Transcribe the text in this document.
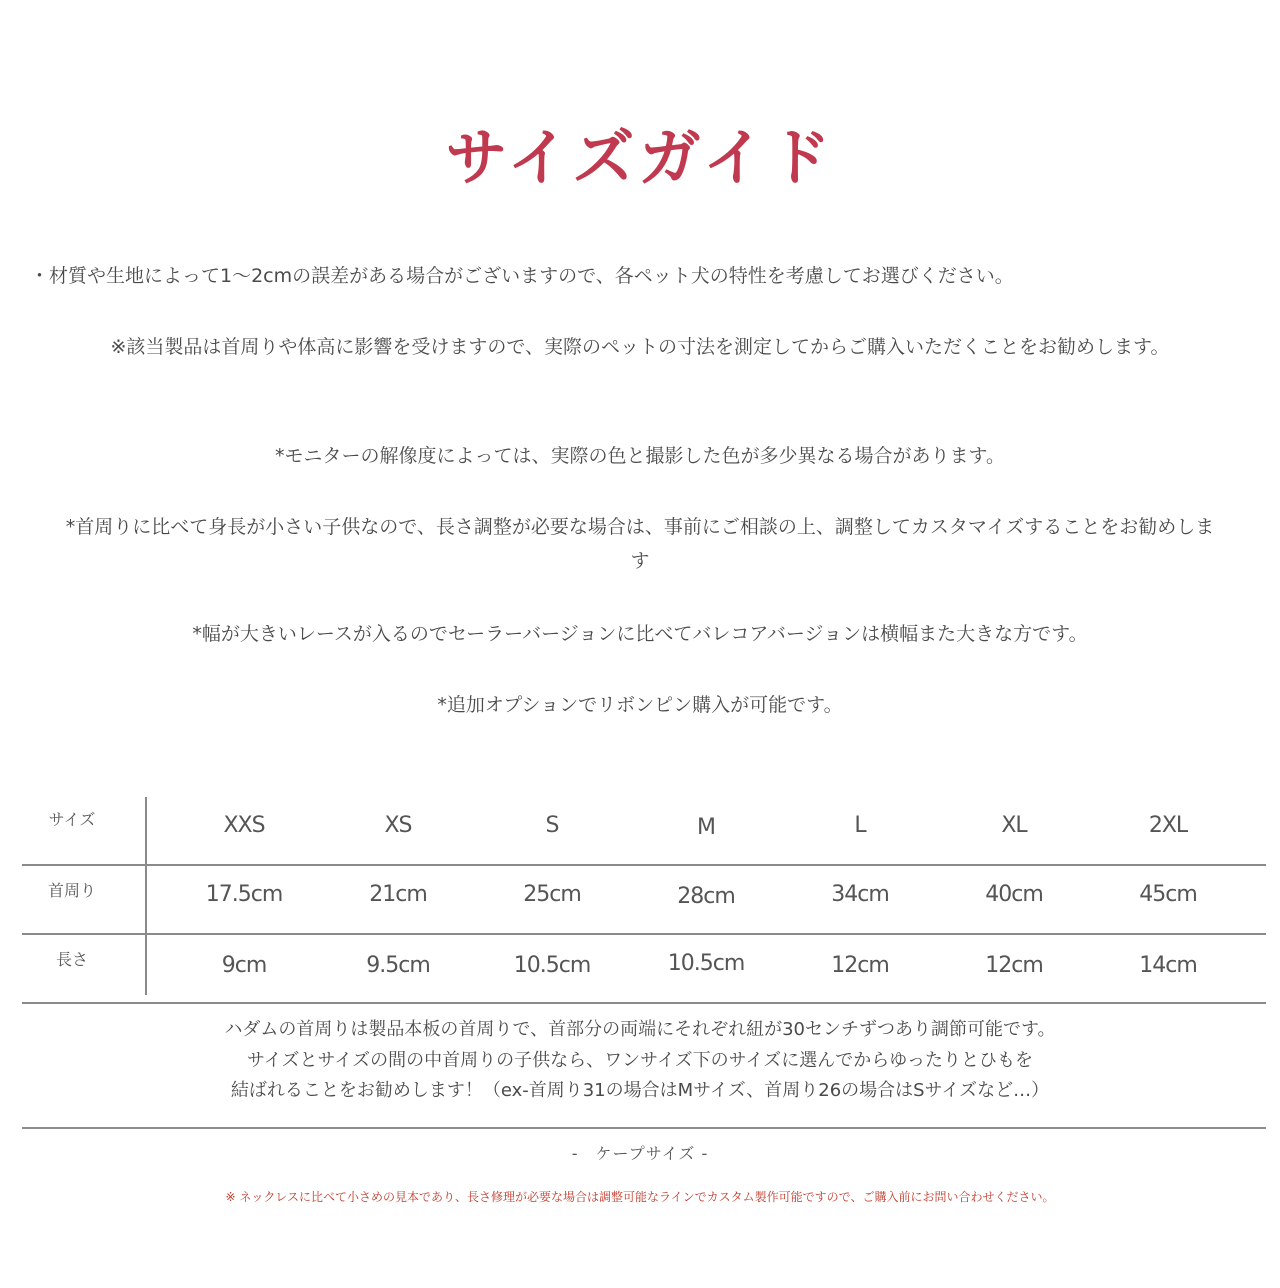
サイズガイド
・材質や生地によって1〜2cmの誤差がある場合がございますので、各ペット犬の特性を考慮してお選びください。
※該当製品は首周りや体高に影響を受けますので、実際のペットの寸法を測定してからご購入いただくことをお勧めします。
*モニターの解像度によっては、実際の色と撮影した色が多少異なる場合があります。
*首周りに比べて身長が小さい子供なので、長さ調整が必要な場合は、事前にご相談の上、調整してカスタマイズすることをお勧めします
*幅が大きいレースが入るのでセーラーバージョンに比べてバレコアバージョンは横幅また大きな方です。
*追加オプションでリボンピン購入が可能です。
サイズ	XXS	XS	S	M	L	XL	2XL
首周り	17.5cm	21cm	25cm	28cm	34cm	40cm	45cm
長さ	9cm	9.5cm	10.5cm	10.5cm	12cm	12cm	14cm
ハダムの首周りは製品本板の首周りで、首部分の両端にそれぞれ紐が30センチずつあり調節可能です。
サイズとサイズの間の中首周りの子供なら、ワンサイズ下のサイズに選んでからゆったりとひもを
結ばれることをお勧めします！（ex-首周り31の場合はMサイズ、首周り26の場合はSサイズなど…）
-　ケープサイズ -
※ ネックレスに比べて小さめの見本であり、長さ修理が必要な場合は調整可能なラインでカスタム製作可能ですので、ご購入前にお問い合わせください。
